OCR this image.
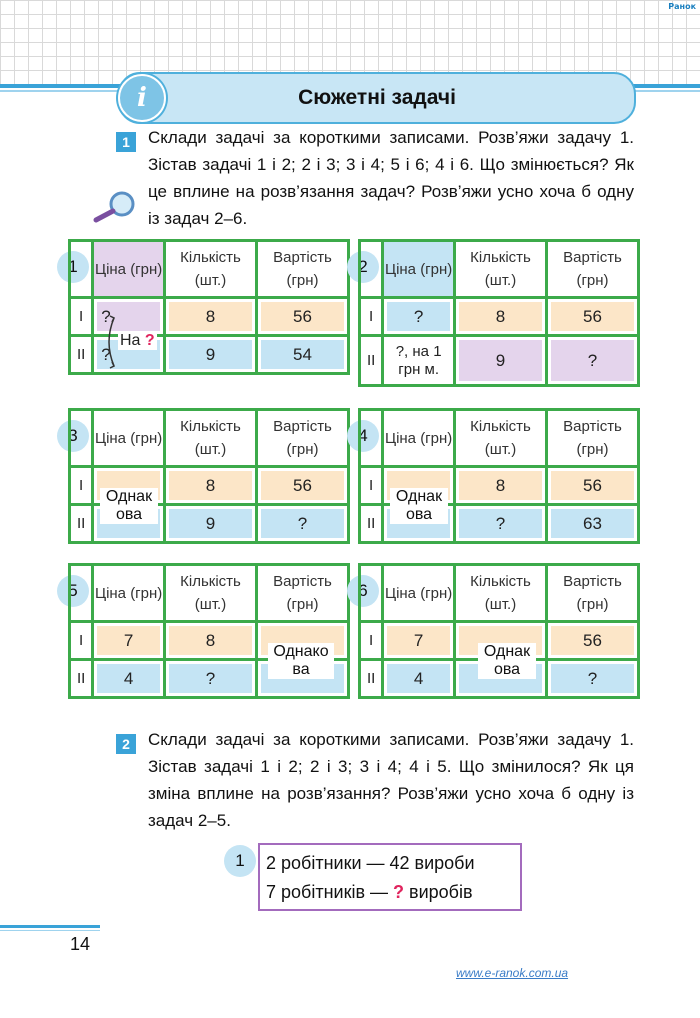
Ранок
Сюжетні задачі
i
1	Склади задачі за короткими записами. Розв’яжи задачу 1. Зістав задачі 1 і 2; 2 і 3; 3 і 4; 5 і 6; 4 і 6. Що змінюється? Як це вплине на розв’язання задач? Розв’яжи усно хоча б одну із задач 2–6.
1
		Ціна (грн)	Кількість (шт.)	Вартість (грн)
I	?	8	56

II	?	9	54
На ?
2
		Ціна (грн)	Кількість (шт.)	Вартість (грн)
I	?	8	56

II	?, на 1 грн м.	9	?
3
		Ціна (грн)	Кількість (шт.)	Вартість (грн)
I		8	56

II		9	?
Однакова
4
		Ціна (грн)	Кількість (шт.)	Вартість (грн)
I		8	56

II		?	63
Однакова
5
		Ціна (грн)	Кількість (шт.)	Вартість (грн)
I	7	8	

II	4	?	

Однакова
6
		Ціна (грн)	Кількість (шт.)	Вартість (грн)
I	7		56

II	4		?
Однакова
2	Склади задачі за короткими записами. Розв’яжи задачу 1. Зістав задачі 1 і 2; 2 і 3; 3 і 4; 4 і 5. Що змінилося? Як ця зміна вплине на розв’язання? Розв’яжи усно хоча б одну із задач 2–5.
1	2 робітники — 42 вироби
7 робітників — ? виробів
14
www.e-ranok.com.ua
